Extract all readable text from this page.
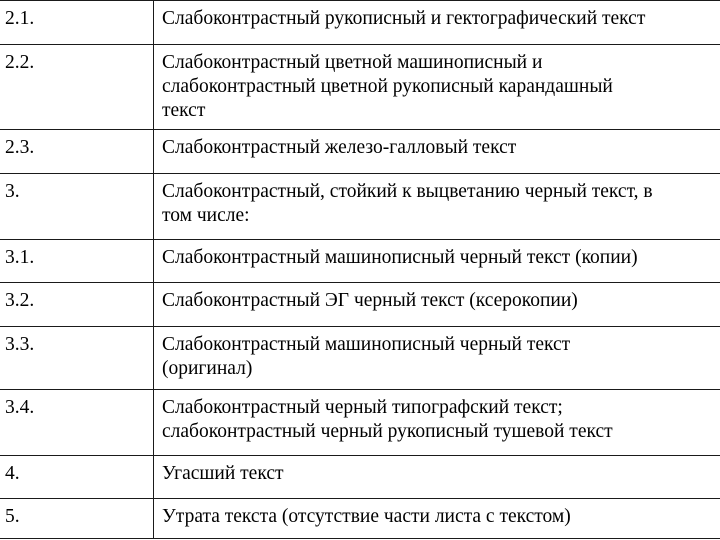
2.1.	Слабоконтрастный рукописный и гектографический текст

2.2.	Слабоконтрастный цветной машинописный и
слабоконтрастный цветной рукописный карандашный
текст

2.3.	Слабоконтрастный железо-галловый текст

3.	Слабоконтрастный, стойкий к выцветанию черный текст, в
том числе:

3.1.	Слабоконтрастный машинописный черный текст (копии)

3.2.	Слабоконтрастный ЭГ черный текст (ксерокопии)

3.3.	Слабоконтрастный машинописный черный текст
(оригинал)

3.4.	Слабоконтрастный черный типографский текст;
слабоконтрастный черный рукописный тушевой текст

4.	Угасший текст

5.	Утрата текста (отсутствие части листа с текстом)
